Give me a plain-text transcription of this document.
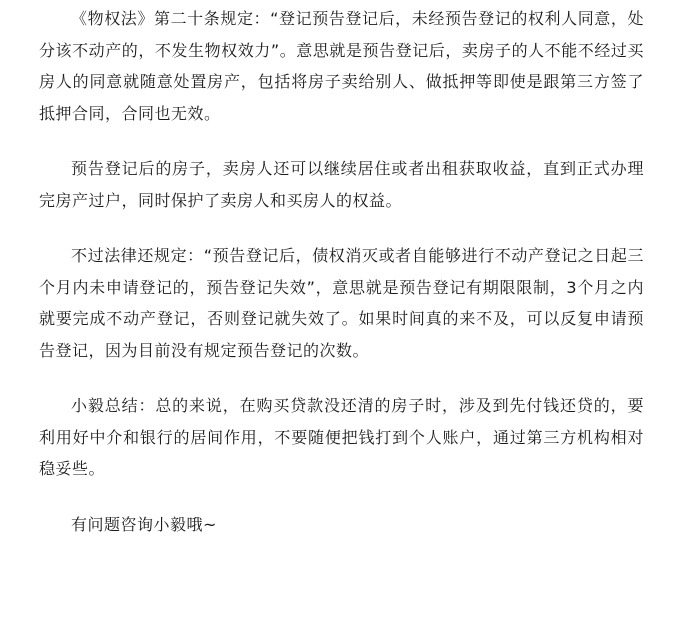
《物权法》第二十条规定：“登记预告登记后，未经预告登记的权利人同意，处分该不动产的，不发生物权效力”。意思就是预告登记后，卖房子的人不能不经过买房人的同意就随意处置房产，包括将房子卖给别人、做抵押等即使是跟第三方签了抵押合同，合同也无效。

预告登记后的房子，卖房人还可以继续居住或者出租获取收益，直到正式办理完房产过户，同时保护了卖房人和买房人的权益。

不过法律还规定：“预告登记后，债权消灭或者自能够进行不动产登记之日起三个月内未申请登记的，预告登记失效”，意思就是预告登记有期限限制，3个月之内就要完成不动产登记，否则登记就失效了。如果时间真的来不及，可以反复申请预告登记，因为目前没有规定预告登记的次数。

小毅总结：总的来说，在购买贷款没还清的房子时，涉及到先付钱还贷的，要利用好中介和银行的居间作用，不要随便把钱打到个人账户，通过第三方机构相对稳妥些。

有问题咨询小毅哦~
